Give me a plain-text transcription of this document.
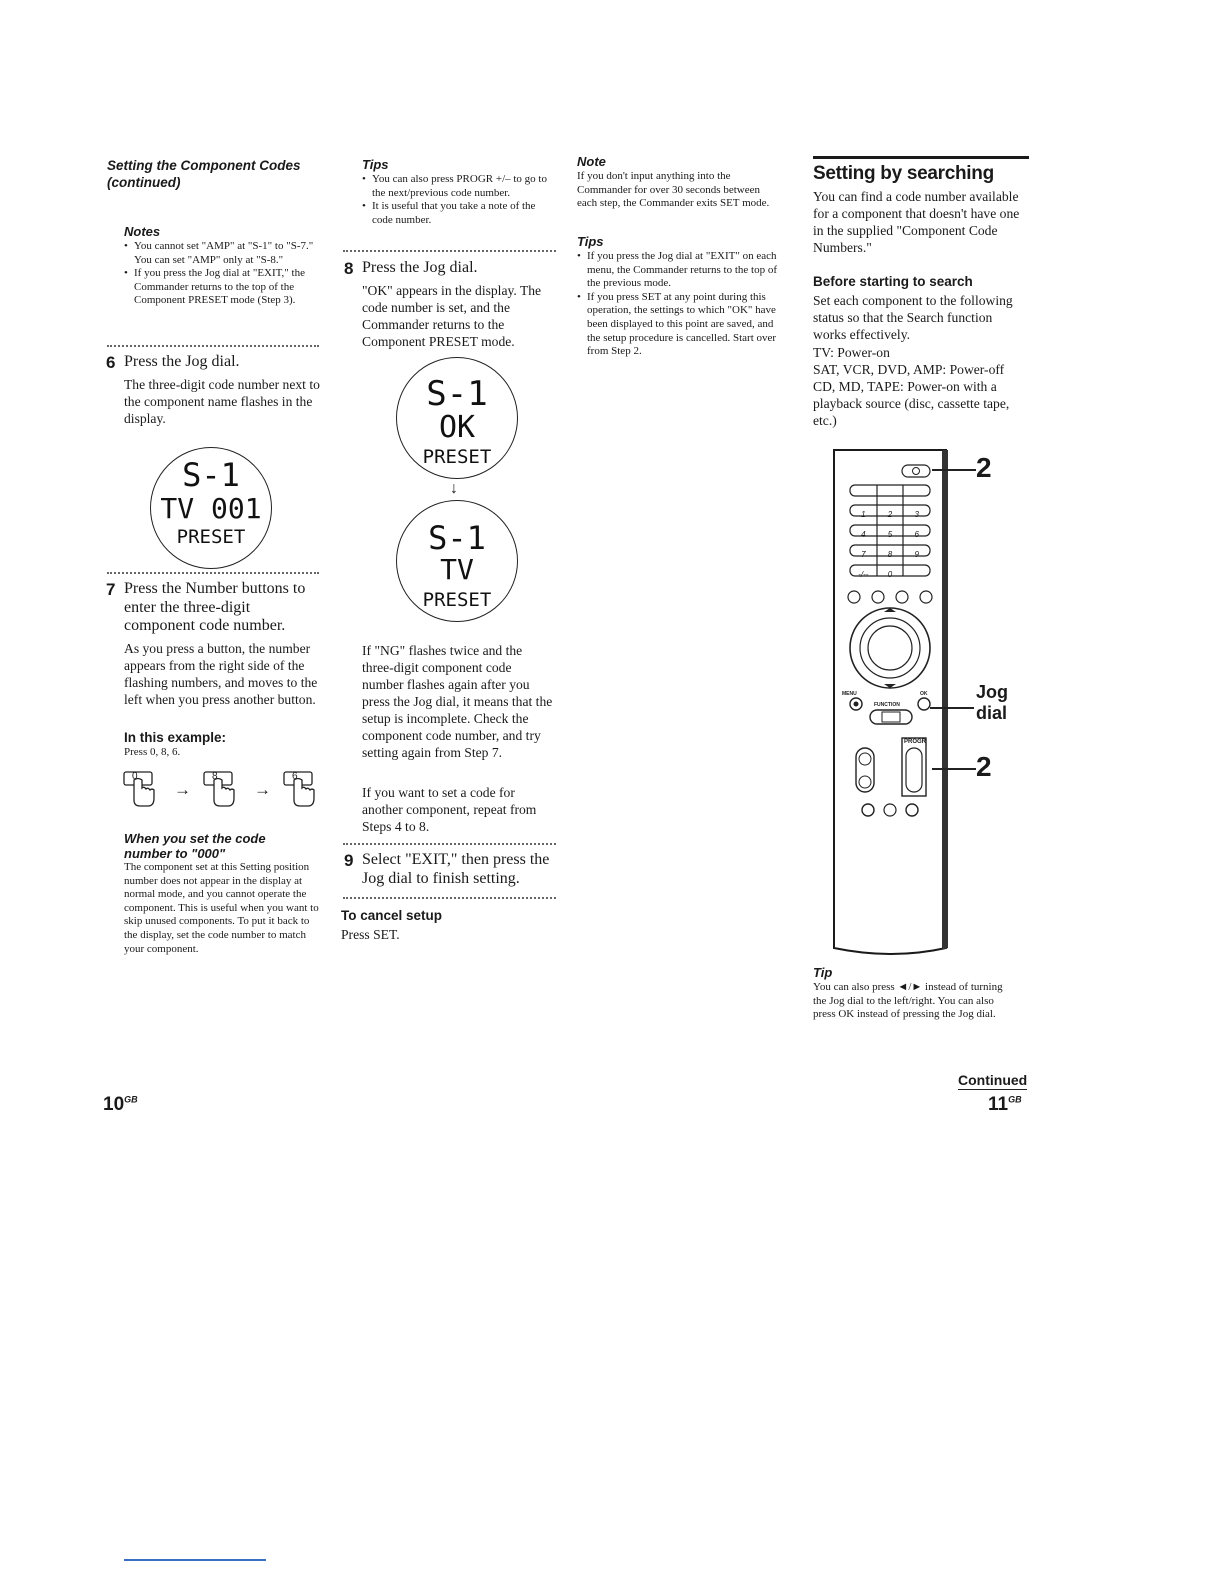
Setting the Component Codes (continued)
Notes
• You cannot set "AMP" at "S-1" to "S-7." You can set "AMP" only at "S-8."
• If you press the Jog dial at "EXIT," the Commander returns to the top of the Component PRESET mode (Step 3).
6 Press the Jog dial.

The three-digit code number next to the component name flashes in the display.

S-1
TV 001
PRESET
7 Press the Number buttons to enter the three-digit component code number.

As you press a button, the number appears from the right side of the flashing numbers, and moves to the left when you press another button.

In this example:
Press 0, 8, 6.
0
→
8
→
6
When you set the code number to "000"
The component set at this Setting position number does not appear in the display at normal mode, and you cannot operate the component. This is useful when you want to skip unused components. To put it back to the display, set the code number to match your component.
$10^{GB}$
Tips
• You can also press PROGR +/– to go to the next/previous code number.
• It is useful that you take a note of the code number.
8 Press the Jog dial.

"OK" appears in the display. The code number is set, and the Commander returns to the Component PRESET mode.

S-1
OK
PRESET
↓
S-1
TV
PRESET

If "NG" flashes twice and the three-digit component code number flashes again after you press the Jog dial, it means that the setup is incomplete. Check the component code number, and try setting again from Step 7.

If you want to set a code for another component, repeat from Steps 4 to 8.

9 Select "EXIT," then press the Jog dial to finish setting.

To cancel setup
Press SET.
Note

If you don't input anything into the Commander for over 30 seconds between each step, the Commander exits SET mode.

Tips
• If you press the Jog dial at "EXIT" on each menu, the Commander returns to the top of the previous mode.
• If you press SET at any point during this operation, the settings to which "OK" have been displayed to this point are saved, and the setup procedure is cancelled. Start over from Step 2.
Setting by searching

You can find a code number available for a component that doesn't have one in the supplied "Component Code Numbers."

Before starting to search

Set each component to the following status so that the Search function works effectively.

TV: Power-on

SAT, VCR, DVD, AMP: Power-off

CD, MD, TAPE: Power-on with a playback source (disc, cassette tape, etc.)

1	2	3
4	5	6
7	8	9
-/--	0
MENU	OK
FUNCTION
PROGR
2
Jog dial
2
Tip

You can also press ◄/► instead of turning the Jog dial to the left/right. You can also press OK instead of pressing the Jog dial.

Continued
$11^{GB}$
